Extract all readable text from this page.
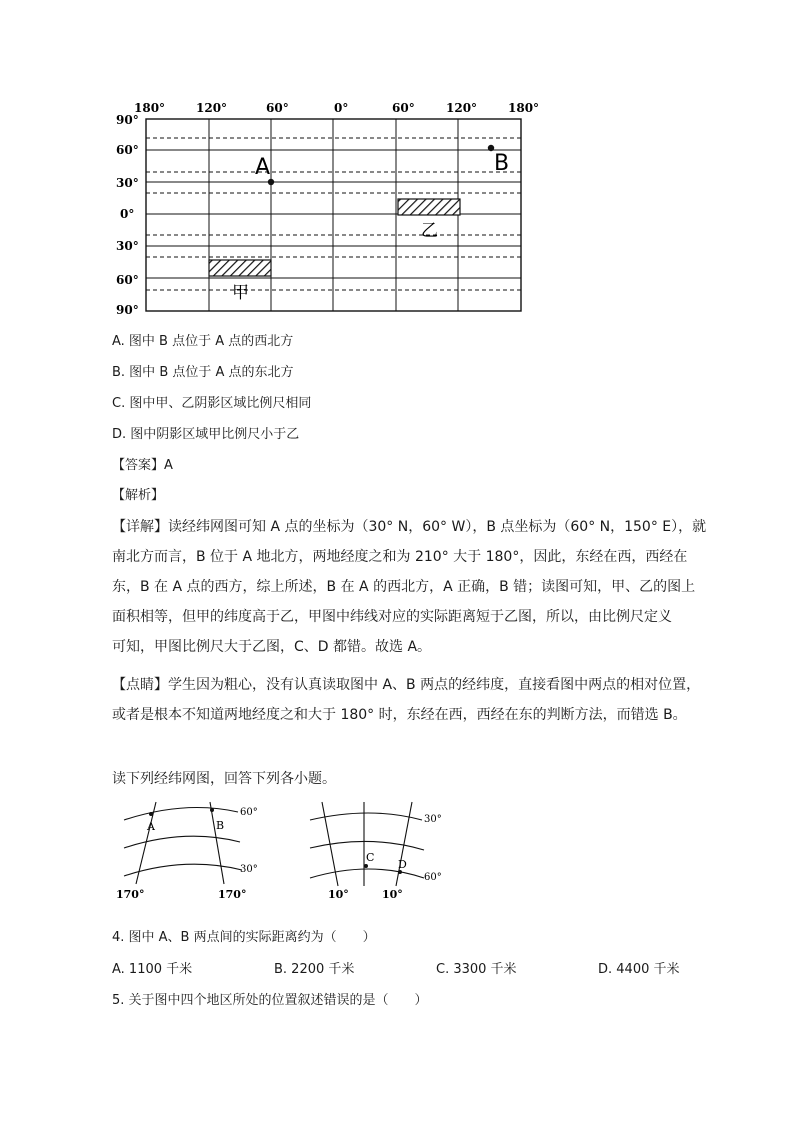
180°	120°	60°	0°	60°	120°	180°
90°
60°
30°
0°
30°
60°
90°
甲
乙
A	B
A. 图中 B 点位于 A 点的西北方
B. 图中 B 点位于 A 点的东北方
C. 图中甲、乙阴影区域比例尺相同
D. 图中阴影区域甲比例尺小于乙
【答案】A
【解析】

【详解】读经纬网图可知 A 点的坐标为（30° N，60° W），B 点坐标为（60° N，150° E），就

南北方而言，B 位于 A 地北方，两地经度之和为 210° 大于 180°，因此，东经在西，西经在

东，B 在 A 点的西方，综上所述，B 在 A 的西北方，A 正确，B 错；读图可知，甲、乙的图上

面积相等，但甲的纬度高于乙，甲图中纬线对应的实际距离短于乙图，所以，由比例尺定义

可知，甲图比例尺大于乙图，C、D 都错。故选 A。

【点睛】学生因为粗心，没有认真读取图中 A、B 两点的经纬度，直接看图中两点的相对位置，

或者是根本不知道两地经度之和大于 180° 时，东经在西，西经在东的判断方法，而错选 B。

读下列经纬网图，回答下列各小题。
A	B
60°
30°
170°	170°
C
D
30°
60°
10°	10°
4. 图中 A、B 两点间的实际距离约为（　　）
A. 1100 千米	B. 2200 千米	C. 3300 千米	D. 4400 千米
5. 关于图中四个地区所处的位置叙述错误的是（　　）
